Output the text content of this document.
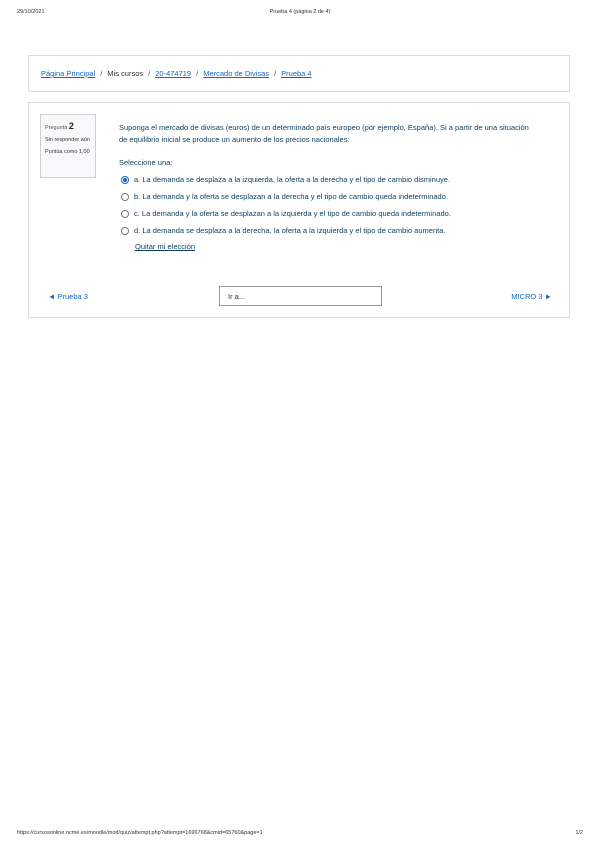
29/10/2021	Prueba 4 (página 2 de 4)
Página Principal / Mis cursos / 20-474719 / Mercado de Divisas / Prueba 4
Pregunta 2
Sin responder aún
Puntúa como 1,00
Suponga el mercado de divisas (euros) de un determinado país europeo (por ejemplo, España). Si a partir de una situación de equilibrio inicial se produce un aumento de los precios nacionales:
Seleccione una:
a. La demanda se desplaza a la izquierda, la oferta a la derecha y el tipo de cambio disminuye.
b. La demanda y la oferta se desplazan a la derecha y el tipo de cambio queda indeterminado.
c. La demanda y la oferta se desplazan a la izquierda y el tipo de cambio queda indeterminado.
d. La demanda se desplaza a la derecha, la oferta a la izquierda y el tipo de cambio aumenta.
Quitar mi elección
◄ Prueba 3	Ir a...	MICRO 3 ►
https://cursosonline.ncme.es/moodle/mod/quiz/attempt.php?attempt=1696768&cmid=65760&page=1	1/2
